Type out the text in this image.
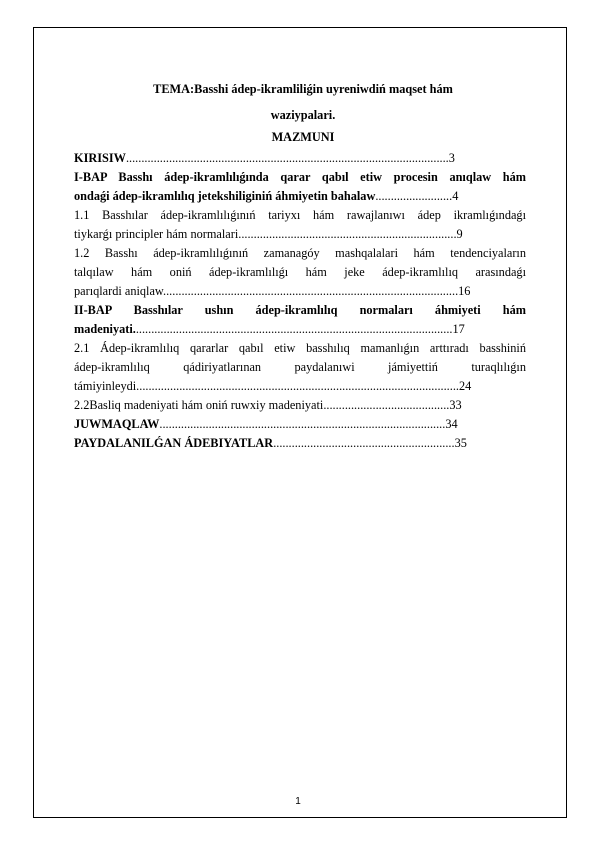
TEMA:Basshi ádep-ikramliliǵin uyreniwdiń maqset hám
waziypalari.
MAZMUNI
KIRISIW.........................................................................................................3
I-BAP Basshı ádep-ikramlılıǵında qarar qabıl etiw procesin anıqlaw hám
ondaǵi ádep-ikramlılıq jetekshiliginiń áhmiyetin bahalaw.........................4
1.1 Basshılar ádep-ikramlılıǵınıń tariyxı hám rawajlanıwı ádep ikramlıǵındaǵı
tiykarǵı principler hám normalari.......................................................................9
1.2 Basshı ádep-ikramlılıǵınıń zamanagóy mashqalalari hám tendenciyaların
talqılaw hám oniń ádep-ikramlılıǵı hám jeke ádep-ikramlılıq arasındaǵı
parıqlardi aniqlaw................................................................................................16
II-BAP Basshılar ushın ádep-ikramlılıq normaları áhmiyeti hám
madeniyati........................................................................................................17
2.1 Ádep-ikramlılıq qararlar qabıl etiw basshılıq mamanlıǵın arttıradı basshiniń
ádep-ikramlılıq qádiriyatlarınan paydalanıwi jámiyettiń turaqlılıǵın
támiyinleydi.........................................................................................................24
2.2Basliq madeniyati hám oniń ruwxiy madeniyati.........................................33
JUWMAQLAW.............................................................................................34
PAYDALANILǴAN ÁDEBIYATLAR...........................................................35
1
